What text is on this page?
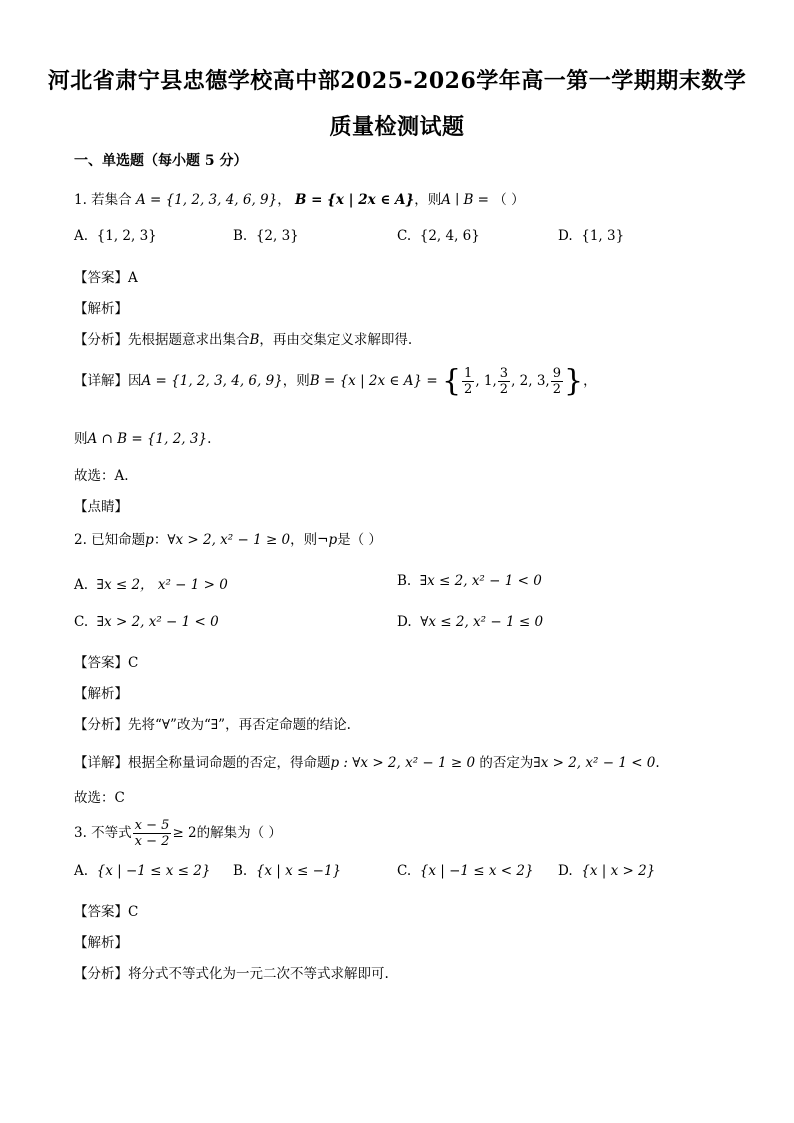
河北省肃宁县忠德学校高中部2025-2026学年高一第一学期期末数学
质量检测试题
一、单选题（每小题 5 分）
1. 若集合 A = {1, 2, 3, 4, 6, 9}， B = {x | 2x ∈ A}，则A ∣ B = （ ）
A. {1, 2, 3}	B. {2, 3}	C. {2, 4, 6}	D. {1, 3}
【答案】A
【解析】
【分析】先根据题意求出集合B，再由交集定义求解即得.
【详解】因A = {1, 2, 3, 4, 6, 9}，则B = {x | 2x ∈ A} = { $\frac{1}{2}$ , 1, $\frac{3}{2}$ , 2, 3, $\frac{9}{2}$ }，
则A ∩ B = {1, 2, 3}.
故选：A.
【点睛】
2. 已知命题p：∀x > 2, x² − 1 ≥ 0，则¬p是（ ）
A. ∃x ≤ 2， x² − 1 > 0	B. ∃x ≤ 2, x² − 1 < 0
C. ∃x > 2, x² − 1 < 0	D. ∀x ≤ 2, x² − 1 ≤ 0
【答案】C
【解析】
【分析】先将“∀”改为“∃”，再否定命题的结论.
【详解】根据全称量词命题的否定，得命题p : ∀x > 2, x² − 1 ≥ 0 的否定为∃x > 2, x² − 1 < 0.
故选：C
3. 不等式 $\frac{x - 5}{x - 2} \ge 2$的解集为（ ）
A. {x | −1 ≤ x ≤ 2} B. {x | x ≤ −1}	C. {x | −1 ≤ x < 2} D. {x | x > 2}
【答案】C
【解析】
【分析】将分式不等式化为一元二次不等式求解即可.
